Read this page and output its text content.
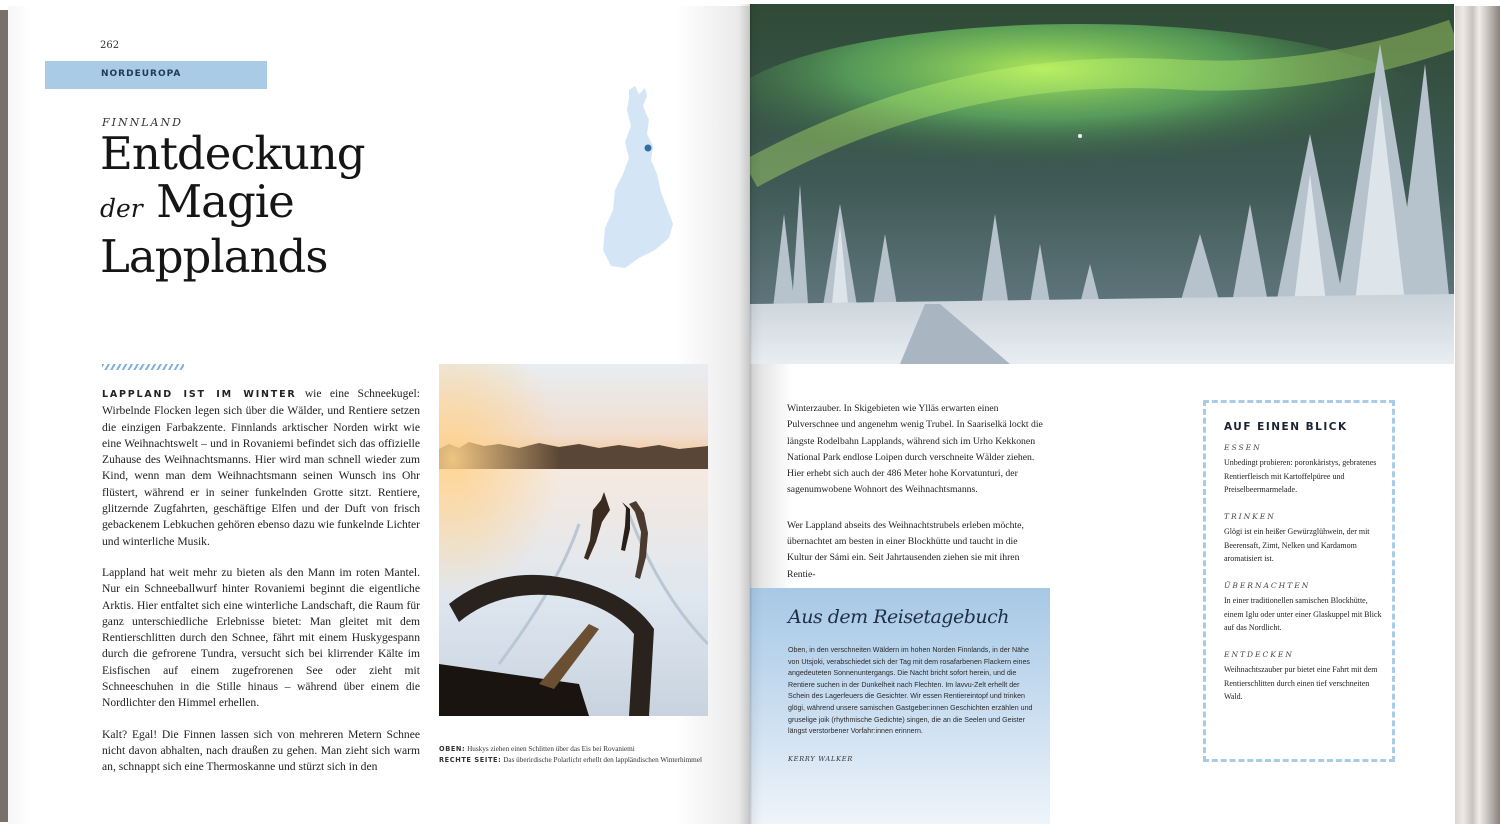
262
NORDEUROPA
FINNLAND
Entdeckung
der Magie
Lapplands

LAPPLAND IST IM WINTER wie eine Schneekugel: Wirbelnde Flocken legen sich über die Wälder, und Rentiere setzen die einzigen Farbakzente. Finnlands arktischer Norden wirkt wie eine Weihnachtswelt – und in Rovaniemi befindet sich das offizielle Zuhause des Weihnachtsmanns. Hier wird man schnell wieder zum Kind, wenn man dem Weihnachtsmann seinen Wunsch ins Ohr flüstert, während er in seiner funkelnden Grotte sitzt. Rentiere, glitzernde Zugfahrten, geschäftige Elfen und der Duft von frisch gebackenem Lebkuchen gehören ebenso dazu wie funkelnde Lichter und winterliche Musik.

Lappland hat weit mehr zu bieten als den Mann im roten Mantel. Nur ein Schneeballwurf hinter Rovaniemi beginnt die eigentliche Arktis. Hier entfaltet sich eine winterliche Landschaft, die Raum für ganz unterschiedliche Erlebnisse bietet: Man gleitet mit dem Rentierschlitten durch den Schnee, fährt mit einem Huskygespann durch die gefrorene Tundra, versucht sich bei klirrender Kälte im Eisfischen auf einem zugefrorenen See oder zieht mit Schneeschuhen in die Stille hinaus – während über einem die Nordlichter den Himmel erhellen.

Kalt? Egal! Die Finnen lassen sich von mehreren Metern Schnee nicht davon abhalten, nach draußen zu gehen. Man zieht sich warm an, schnappt sich eine Thermoskanne und stürzt sich in den

OBEN: Huskys ziehen einen Schlitten über das Eis bei Rovaniemi
RECHTE SEITE: Das überirdische Polarlicht erhellt den lappländischen Winterhimmel

Winterzauber. In Skigebieten wie Ylläs erwarten einen Pulverschnee und angenehm wenig Trubel. In Saariselkä lockt die längste Rodelbahn Lapplands, während sich im Urho Kekkonen National Park endlose Loipen durch verschneite Wälder ziehen. Hier erhebt sich auch der 486 Meter hohe Korvatunturi, der sagenumwobene Wohnort des Weihnachtsmanns.

Wer Lappland abseits des Weihnachtstrubels erleben möchte, übernachtet am besten in einer Blockhütte und taucht in die Kultur der Sámi ein. Seit Jahrtausenden ziehen sie mit ihren Rentie-

Aus dem Reisetagebuch
Oben, in den verschneiten Wäldern im hohen Norden Finnlands, in der Nähe von Utsjoki, verabschiedet sich der Tag mit dem rosafarbenen Flackern eines angedeuteten Sonnenuntergangs. Die Nacht bricht sofort herein, und die Rentiere suchen in der Dunkelheit nach Flechten. Im lavvu-Zelt erhellt der Schein des Lagerfeuers die Gesichter. Wir essen Rentiereintopf und trinken glögi, während unsere samischen Gastgeber:innen Geschichten erzählen und gruselige joik (rhythmische Gedichte) singen, die an die Seelen und Geister längst verstorbener Vorfahr:innen erinnern.
KERRY WALKER
AUF EINEN BLICK
ESSEN
Unbedingt probieren: poronkäristys, gebratenes Rentierfleisch mit Kartoffelpüree und Preiselbeermarmelade.
TRINKEN
Glögi ist ein heißer Gewürzglühwein, der mit Beerensaft, Zimt, Nelken und Kardamom aromatisiert ist.
ÜBERNACHTEN
In einer traditionellen samischen Blockhütte, einem Iglu oder unter einer Glaskuppel mit Blick auf das Nordlicht.
ENTDECKEN
Weihnachtszauber pur bietet eine Fahrt mit dem Rentierschlitten durch einen tief verschneiten Wald.
